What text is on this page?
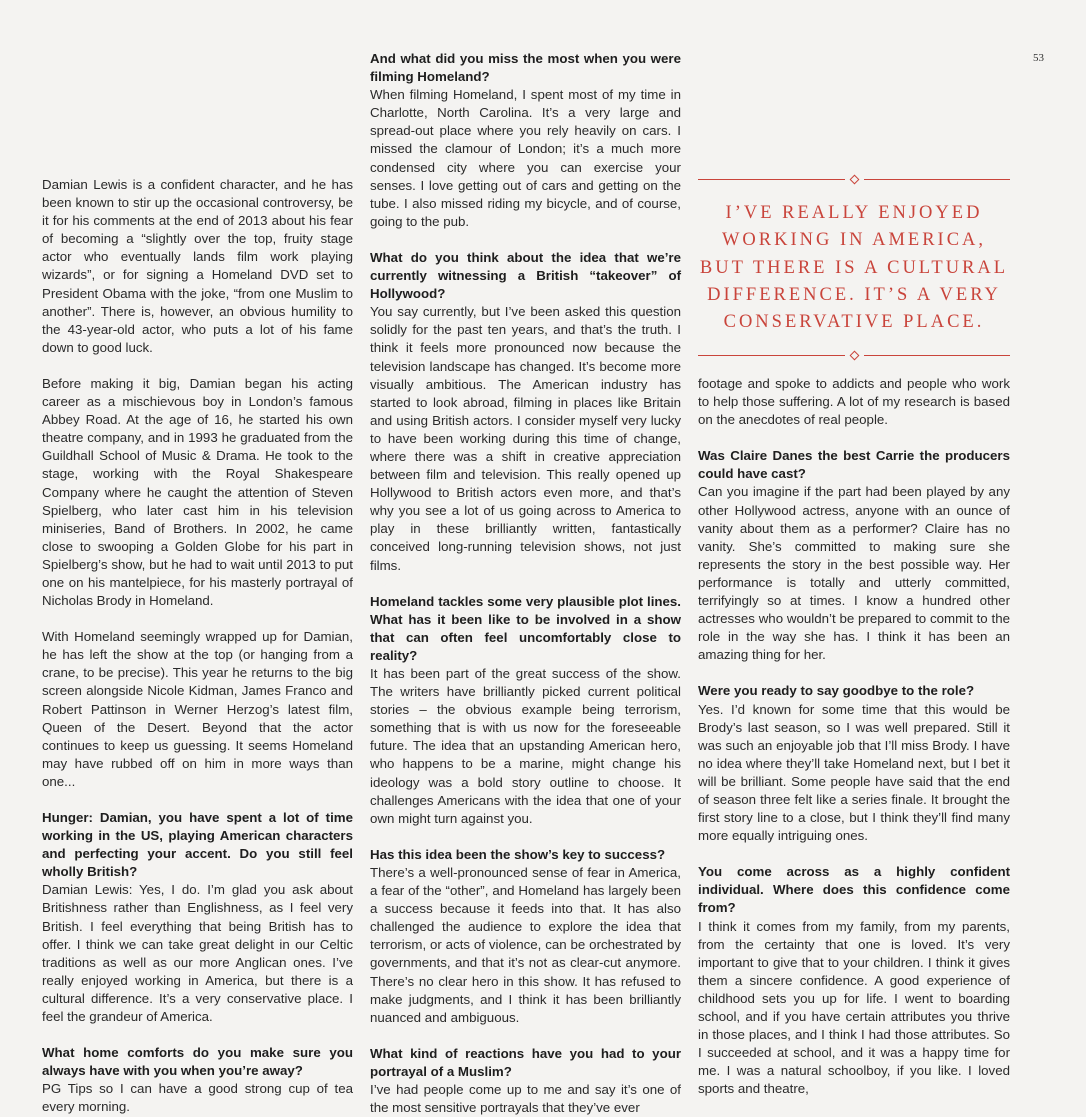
53

Damian Lewis is a confident character, and he has been known to stir up the occasional controversy, be it for his comments at the end of 2013 about his fear of becoming a “slightly over the top, fruity stage actor who eventually lands film work playing wizards”, or for signing a Homeland DVD set to President Obama with the joke, “from one Muslim to another”. There is, however, an obvious humility to the 43-year-old actor, who puts a lot of his fame down to good luck.

Before making it big, Damian began his acting career as a mischievous boy in London’s famous Abbey Road. At the age of 16, he started his own theatre company, and in 1993 he graduated from the Guildhall School of Music & Drama. He took to the stage, working with the Royal Shakespeare Company where he caught the attention of Steven Spielberg, who later cast him in his television miniseries, Band of Brothers. In 2002, he came close to swooping a Golden Globe for his part in Spielberg’s show, but he had to wait until 2013 to put one on his mantelpiece, for his masterly portrayal of Nicholas Brody in Homeland.

With Homeland seemingly wrapped up for Damian, he has left the show at the top (or hanging from a crane, to be precise). This year he returns to the big screen alongside Nicole Kidman, James Franco and Robert Pattinson in Werner Herzog’s latest film, Queen of the Desert. Beyond that the actor continues to keep us guessing. It seems Homeland may have rubbed off on him in more ways than one...

Hunger: Damian, you have spent a lot of time working in the US, playing American characters and perfecting your accent. Do you still feel wholly British?

Damian Lewis: Yes, I do. I’m glad you ask about Britishness rather than Englishness, as I feel very British. I feel everything that being British has to offer. I think we can take great delight in our Celtic traditions as well as our more Anglican ones. I’ve really enjoyed working in America, but there is a cultural difference. It’s a very conservative place. I feel the grandeur of America.

What home comforts do you make sure you always have with you when you’re away?

PG Tips so I can have a good strong cup of tea every morning.

And what did you miss the most when you were filming Homeland?

When filming Homeland, I spent most of my time in Charlotte, North Carolina. It’s a very large and spread-out place where you rely heavily on cars. I missed the clamour of London; it’s a much more condensed city where you can exercise your senses. I love getting out of cars and getting on the tube. I also missed riding my bicycle, and of course, going to the pub.

What do you think about the idea that we’re currently witnessing a British “takeover” of Hollywood?

You say currently, but I’ve been asked this question solidly for the past ten years, and that’s the truth. I think it feels more pronounced now because the television landscape has changed. It’s become more visually ambitious. The American industry has started to look abroad, filming in places like Britain and using British actors. I consider myself very lucky to have been working during this time of change, where there was a shift in creative appreciation between film and television. This really opened up Hollywood to British actors even more, and that’s why you see a lot of us going across to America to play in these brilliantly written, fantastically conceived long-running television shows, not just films.

Homeland tackles some very plausible plot lines. What has it been like to be involved in a show that can often feel uncomfortably close to reality?

It has been part of the great success of the show. The writers have brilliantly picked current political stories – the obvious example being terrorism, something that is with us now for the foreseeable future. The idea that an upstanding American hero, who happens to be a marine, might change his ideology was a bold story outline to choose. It challenges Americans with the idea that one of your own might turn against you.

Has this idea been the show’s key to success?

There’s a well-pronounced sense of fear in America, a fear of the “other”, and Homeland has largely been a success because it feeds into that. It has also challenged the audience to explore the idea that terrorism, or acts of violence, can be orchestrated by governments, and that it’s not as clear-cut anymore. There’s no clear hero in this show. It has refused to make judgments, and I think it has been brilliantly nuanced and ambiguous.

What kind of reactions have you had to your portrayal of a Muslim?

I’ve had people come up to me and say it’s one of the most sensitive portrayals that they’ve ever

I’VE REALLY ENJOYED
WORKING IN AMERICA,
BUT THERE IS A CULTURAL
DIFFERENCE. IT’S A VERY
CONSERVATIVE PLACE.

footage and spoke to addicts and people who work to help those suffering. A lot of my research is based on the anecdotes of real people.

Was Claire Danes the best Carrie the producers could have cast?

Can you imagine if the part had been played by any other Hollywood actress, anyone with an ounce of vanity about them as a performer? Claire has no vanity. She’s committed to making sure she represents the story in the best possible way. Her performance is totally and utterly committed, terrifyingly so at times. I know a hundred other actresses who wouldn’t be prepared to commit to the role in the way she has. I think it has been an amazing thing for her.

Were you ready to say goodbye to the role?

Yes. I’d known for some time that this would be Brody’s last season, so I was well prepared. Still it was such an enjoyable job that I’ll miss Brody. I have no idea where they’ll take Homeland next, but I bet it will be brilliant. Some people have said that the end of season three felt like a series finale. It brought the first story line to a close, but I think they’ll find many more equally intriguing ones.

You come across as a highly confident individual. Where does this confidence come from?

I think it comes from my family, from my parents, from the certainty that one is loved. It’s very important to give that to your children. I think it gives them a sincere confidence. A good experience of childhood sets you up for life. I went to boarding school, and if you have certain attributes you thrive in those places, and I think I had those attributes. So I succeeded at school, and it was a happy time for me. I was a natural schoolboy, if you like. I loved sports and theatre,
